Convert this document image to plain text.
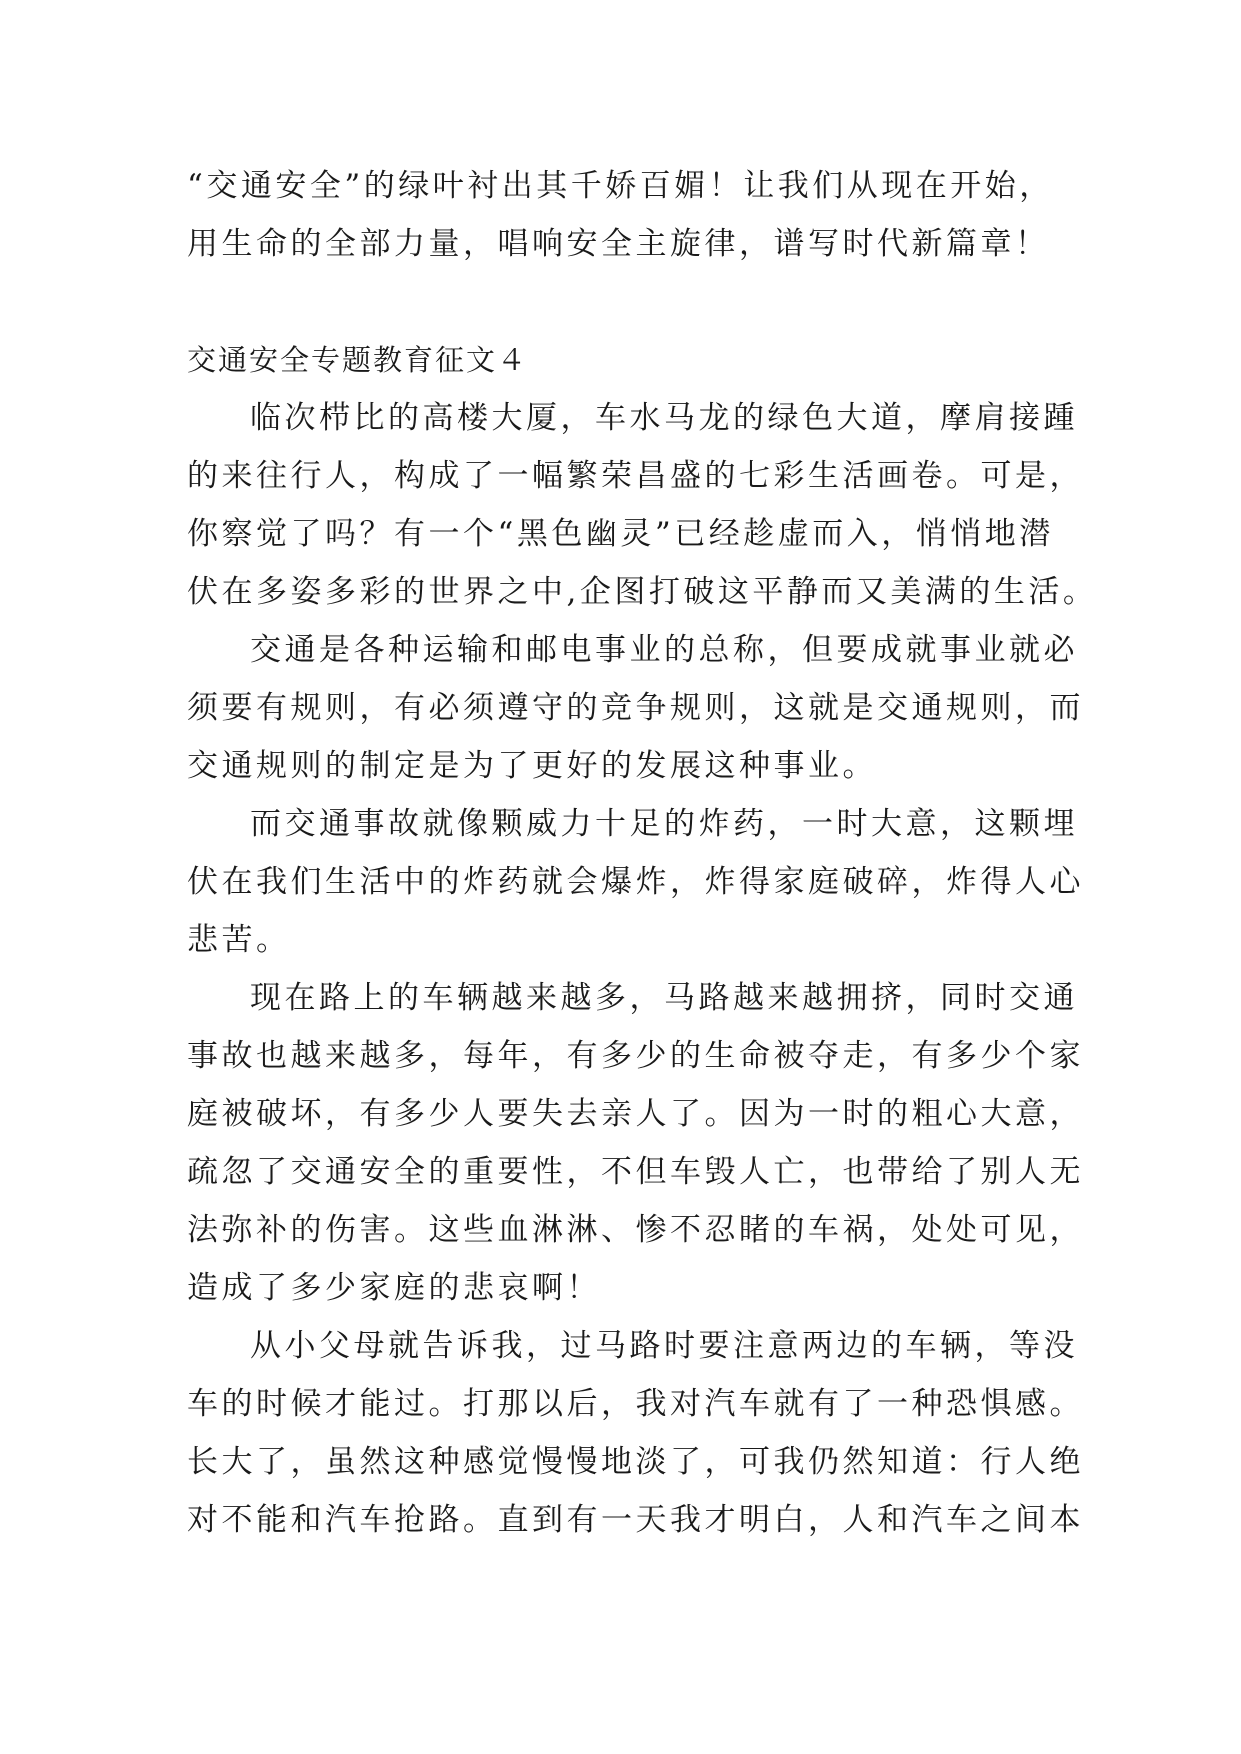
“交通安全”的绿叶衬出其千娇百媚！让我们从现在开始，
用生命的全部力量，唱响安全主旋律，谱写时代新篇章！
交通安全专题教育征文４
临次栉比的高楼大厦，车水马龙的绿色大道，摩肩接踵
的来往行人，构成了一幅繁荣昌盛的七彩生活画卷。可是，
你察觉了吗？有一个“黑色幽灵”已经趁虚而入，悄悄地潜
伏在多姿多彩的世界之中,企图打破这平静而又美满的生活。
交通是各种运输和邮电事业的总称，但要成就事业就必
须要有规则，有必须遵守的竞争规则，这就是交通规则，而
交通规则的制定是为了更好的发展这种事业。
而交通事故就像颗威力十足的炸药，一时大意，这颗埋
伏在我们生活中的炸药就会爆炸，炸得家庭破碎，炸得人心
悲苦。
现在路上的车辆越来越多，马路越来越拥挤，同时交通
事故也越来越多，每年，有多少的生命被夺走，有多少个家
庭被破坏，有多少人要失去亲人了。因为一时的粗心大意，
疏忽了交通安全的重要性，不但车毁人亡，也带给了别人无
法弥补的伤害。这些血淋淋、惨不忍睹的车祸，处处可见，
造成了多少家庭的悲哀啊！
从小父母就告诉我，过马路时要注意两边的车辆，等没
车的时候才能过。打那以后，我对汽车就有了一种恐惧感。
长大了，虽然这种感觉慢慢地淡了，可我仍然知道：行人绝
对不能和汽车抢路。直到有一天我才明白，人和汽车之间本
